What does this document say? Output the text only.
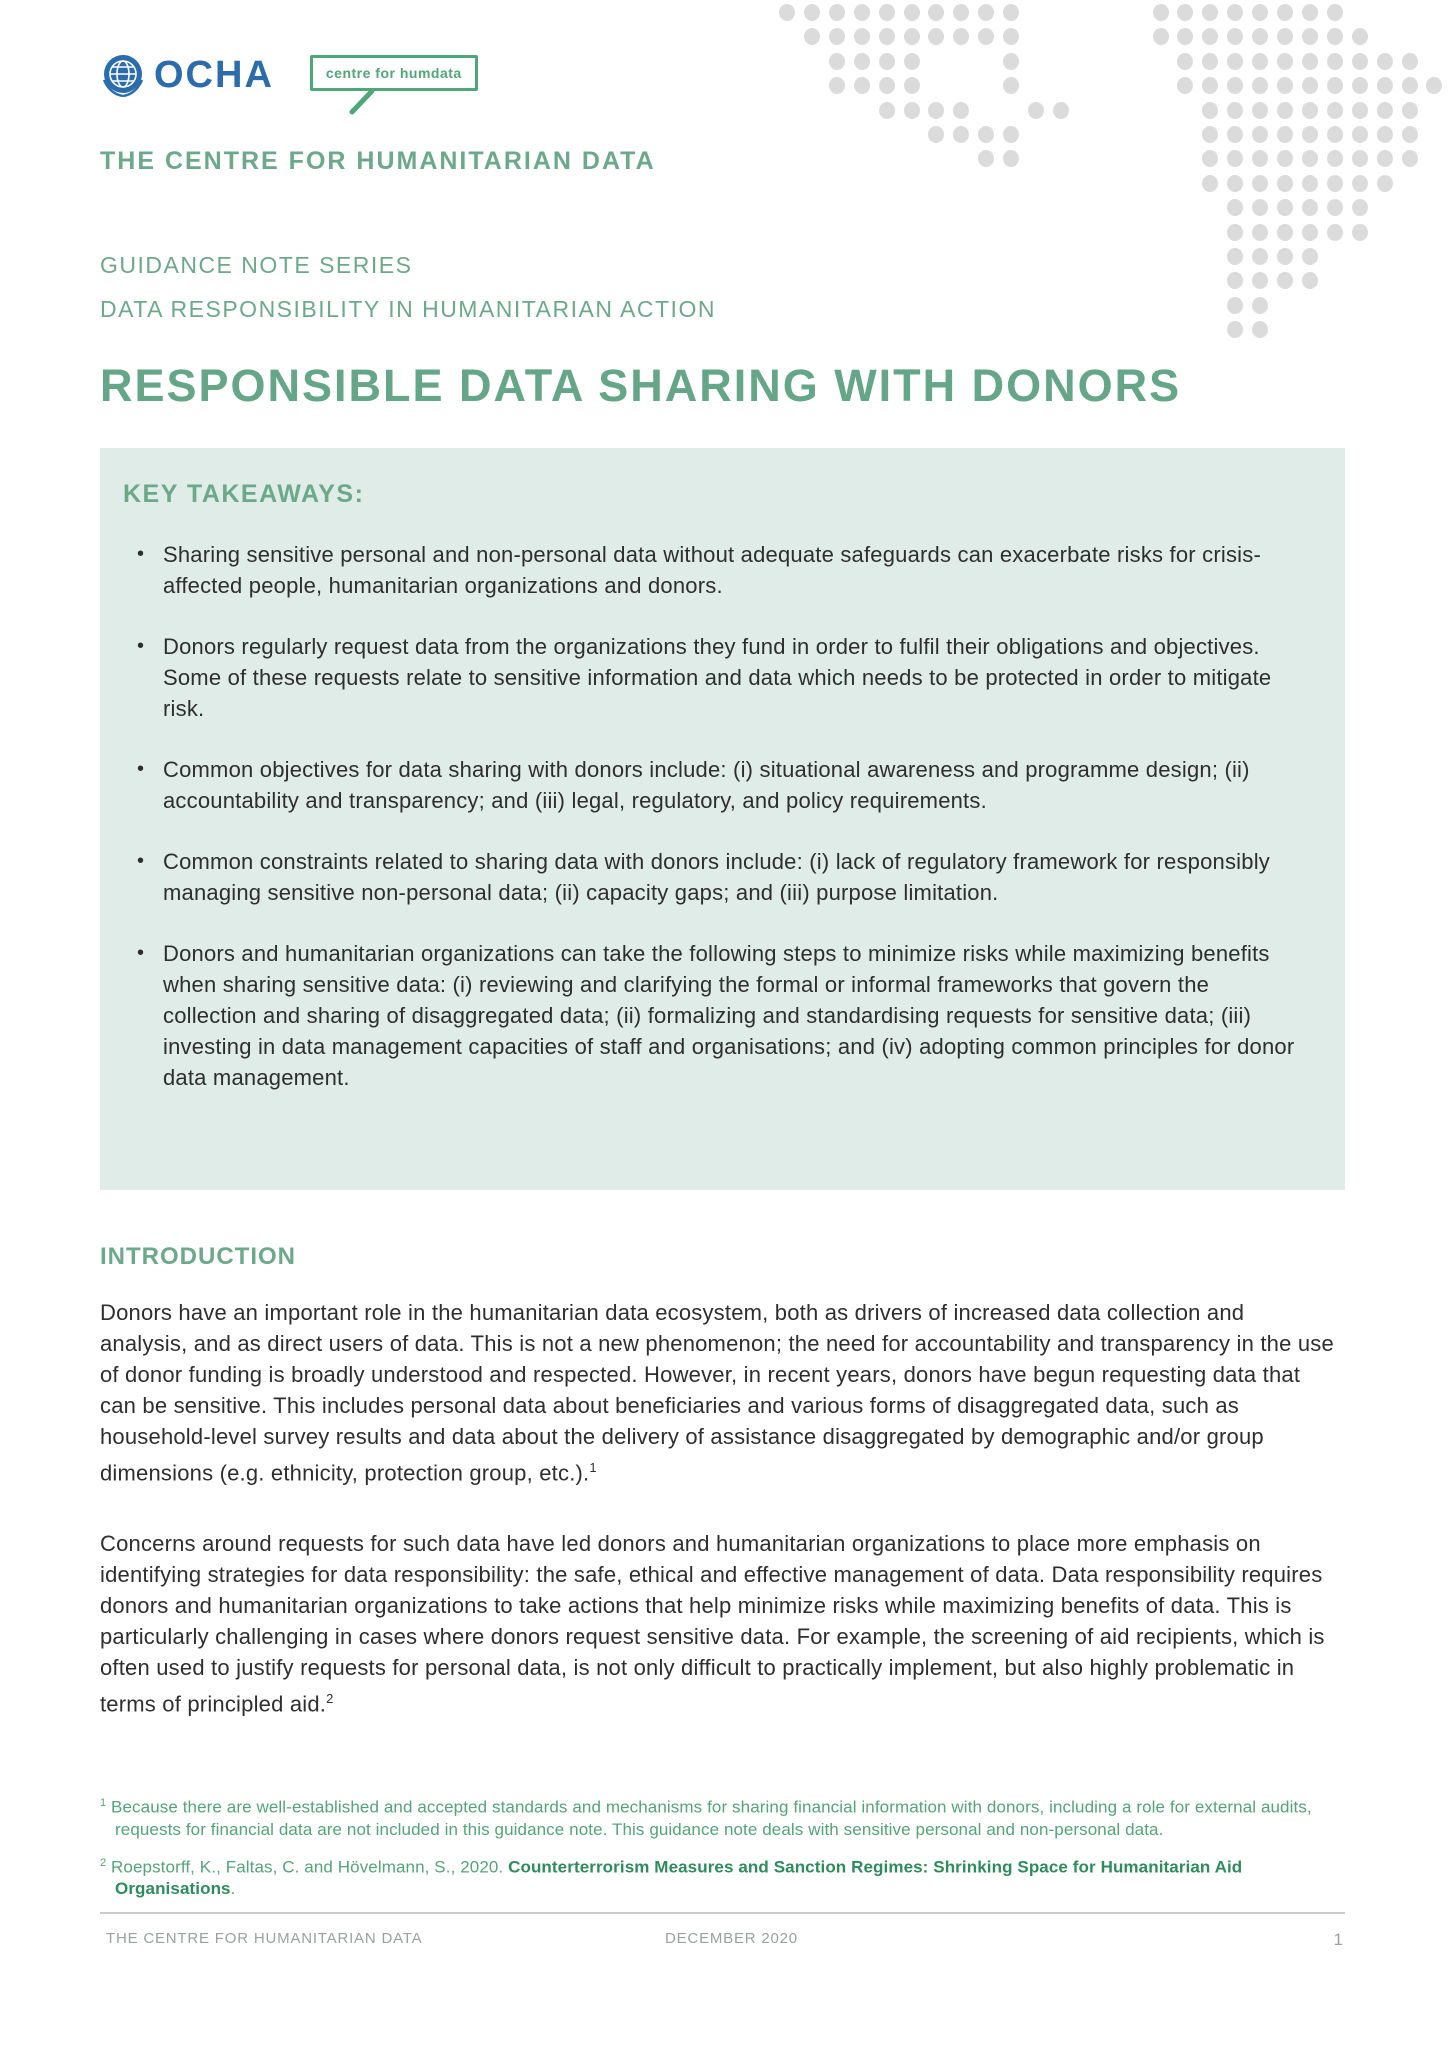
OCHA	centre for humdata
THE CENTRE FOR HUMANITARIAN DATA
GUIDANCE NOTE SERIES
DATA RESPONSIBILITY IN HUMANITARIAN ACTION
RESPONSIBLE DATA SHARING WITH DONORS
KEY TAKEAWAYS:
• Sharing sensitive personal and non-personal data without adequate safeguards can exacerbate risks for crisis-affected people, humanitarian organizations and donors.
• Donors regularly request data from the organizations they fund in order to fulfil their obligations and objectives. Some of these requests relate to sensitive information and data which needs to be protected in order to mitigate risk.
• Common objectives for data sharing with donors include: (i) situational awareness and programme design; (ii) accountability and transparency; and (iii) legal, regulatory, and policy requirements.
• Common constraints related to sharing data with donors include: (i) lack of regulatory framework for responsibly managing sensitive non-personal data; (ii) capacity gaps; and (iii) purpose limitation.
• Donors and humanitarian organizations can take the following steps to minimize risks while maximizing benefits when sharing sensitive data: (i) reviewing and clarifying the formal or informal frameworks that govern the collection and sharing of disaggregated data; (ii) formalizing and standardising requests for sensitive data; (iii) investing in data management capacities of staff and organisations; and (iv) adopting common principles for donor data management.
INTRODUCTION

Donors have an important role in the humanitarian data ecosystem, both as drivers of increased data collection and analysis, and as direct users of data. This is not a new phenomenon; the need for accountability and transparency in the use of donor funding is broadly understood and respected. However, in recent years, donors have begun requesting data that can be sensitive. This includes personal data about beneficiaries and various forms of disaggregated data, such as household-level survey results and data about the delivery of assistance disaggregated by demographic and/or group dimensions (e.g. ethnicity, protection group, etc.).$^1$

Concerns around requests for such data have led donors and humanitarian organizations to place more emphasis on identifying strategies for data responsibility: the safe, ethical and effective management of data. Data responsibility requires donors and humanitarian organizations to take actions that help minimize risks while maximizing benefits of data. This is particularly challenging in cases where donors request sensitive data. For example, the screening of aid recipients, which is often used to justify requests for personal data, is not only difficult to practically implement, but also highly problematic in terms of principled aid.$^2$

$^1$ Because there are well-established and accepted standards and mechanisms for sharing financial information with donors, including a role for external audits, requests for financial data are not included in this guidance note. This guidance note deals with sensitive personal and non-personal data.
$^2$ Roepstorff, K., Faltas, C. and Hövelmann, S., 2020. Counterterrorism Measures and Sanction Regimes: Shrinking Space for Humanitarian Aid Organisations.
THE CENTRE FOR HUMANITARIAN DATA	DECEMBER 2020	1
